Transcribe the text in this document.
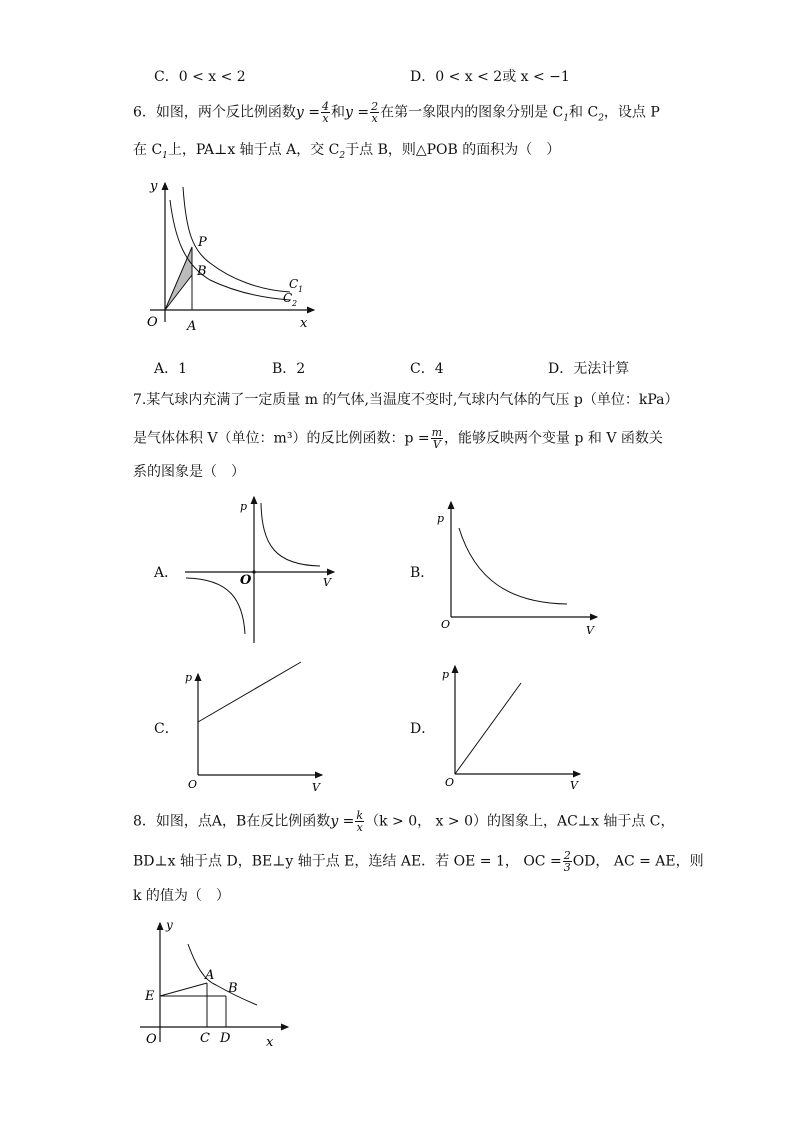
C．0 < x < 2	D．0 < x < 2或 x < −1
6．如图，两个反比例函数$y = \frac{4}{x}$ 和$y = \frac{2}{x}$ 在第一象限内的图象分别是 $C_1$和 $C_2$，设点 P
在 $C_1$上，PA⊥x 轴于点 A，交 $C_2$于点 B，则△POB 的面积为（　）
y
x
O A
P
B
C 1
C 2
A．1	B．2	C．4	D．无法计算
7.某气球内充满了一定质量 m 的气体,当温度不变时,气球内气体的气压 p（单位：kPa）
是气体体积 V（单位：m³）的反比例函数：$p = \frac{m}{V}$ ，能够反映两个变量 p 和 V 函数关
系的图象是（　）
A．	B．
C．	D．
p
V
O
p
V
O
p
V
O
p
V
O
8．如图，点A，B在反比例函数$y = \frac{k}{x} (k > 0$， x > 0）的图象上，AC⊥x 轴于点 C，
BD⊥x 轴于点 D，BE⊥y 轴于点 E，连结 AE．若 OE = 1， OC = $\frac{2}{3}$ OD， AC = AE，则
k 的值为（　）
y
x
O
E
A
B
C D
